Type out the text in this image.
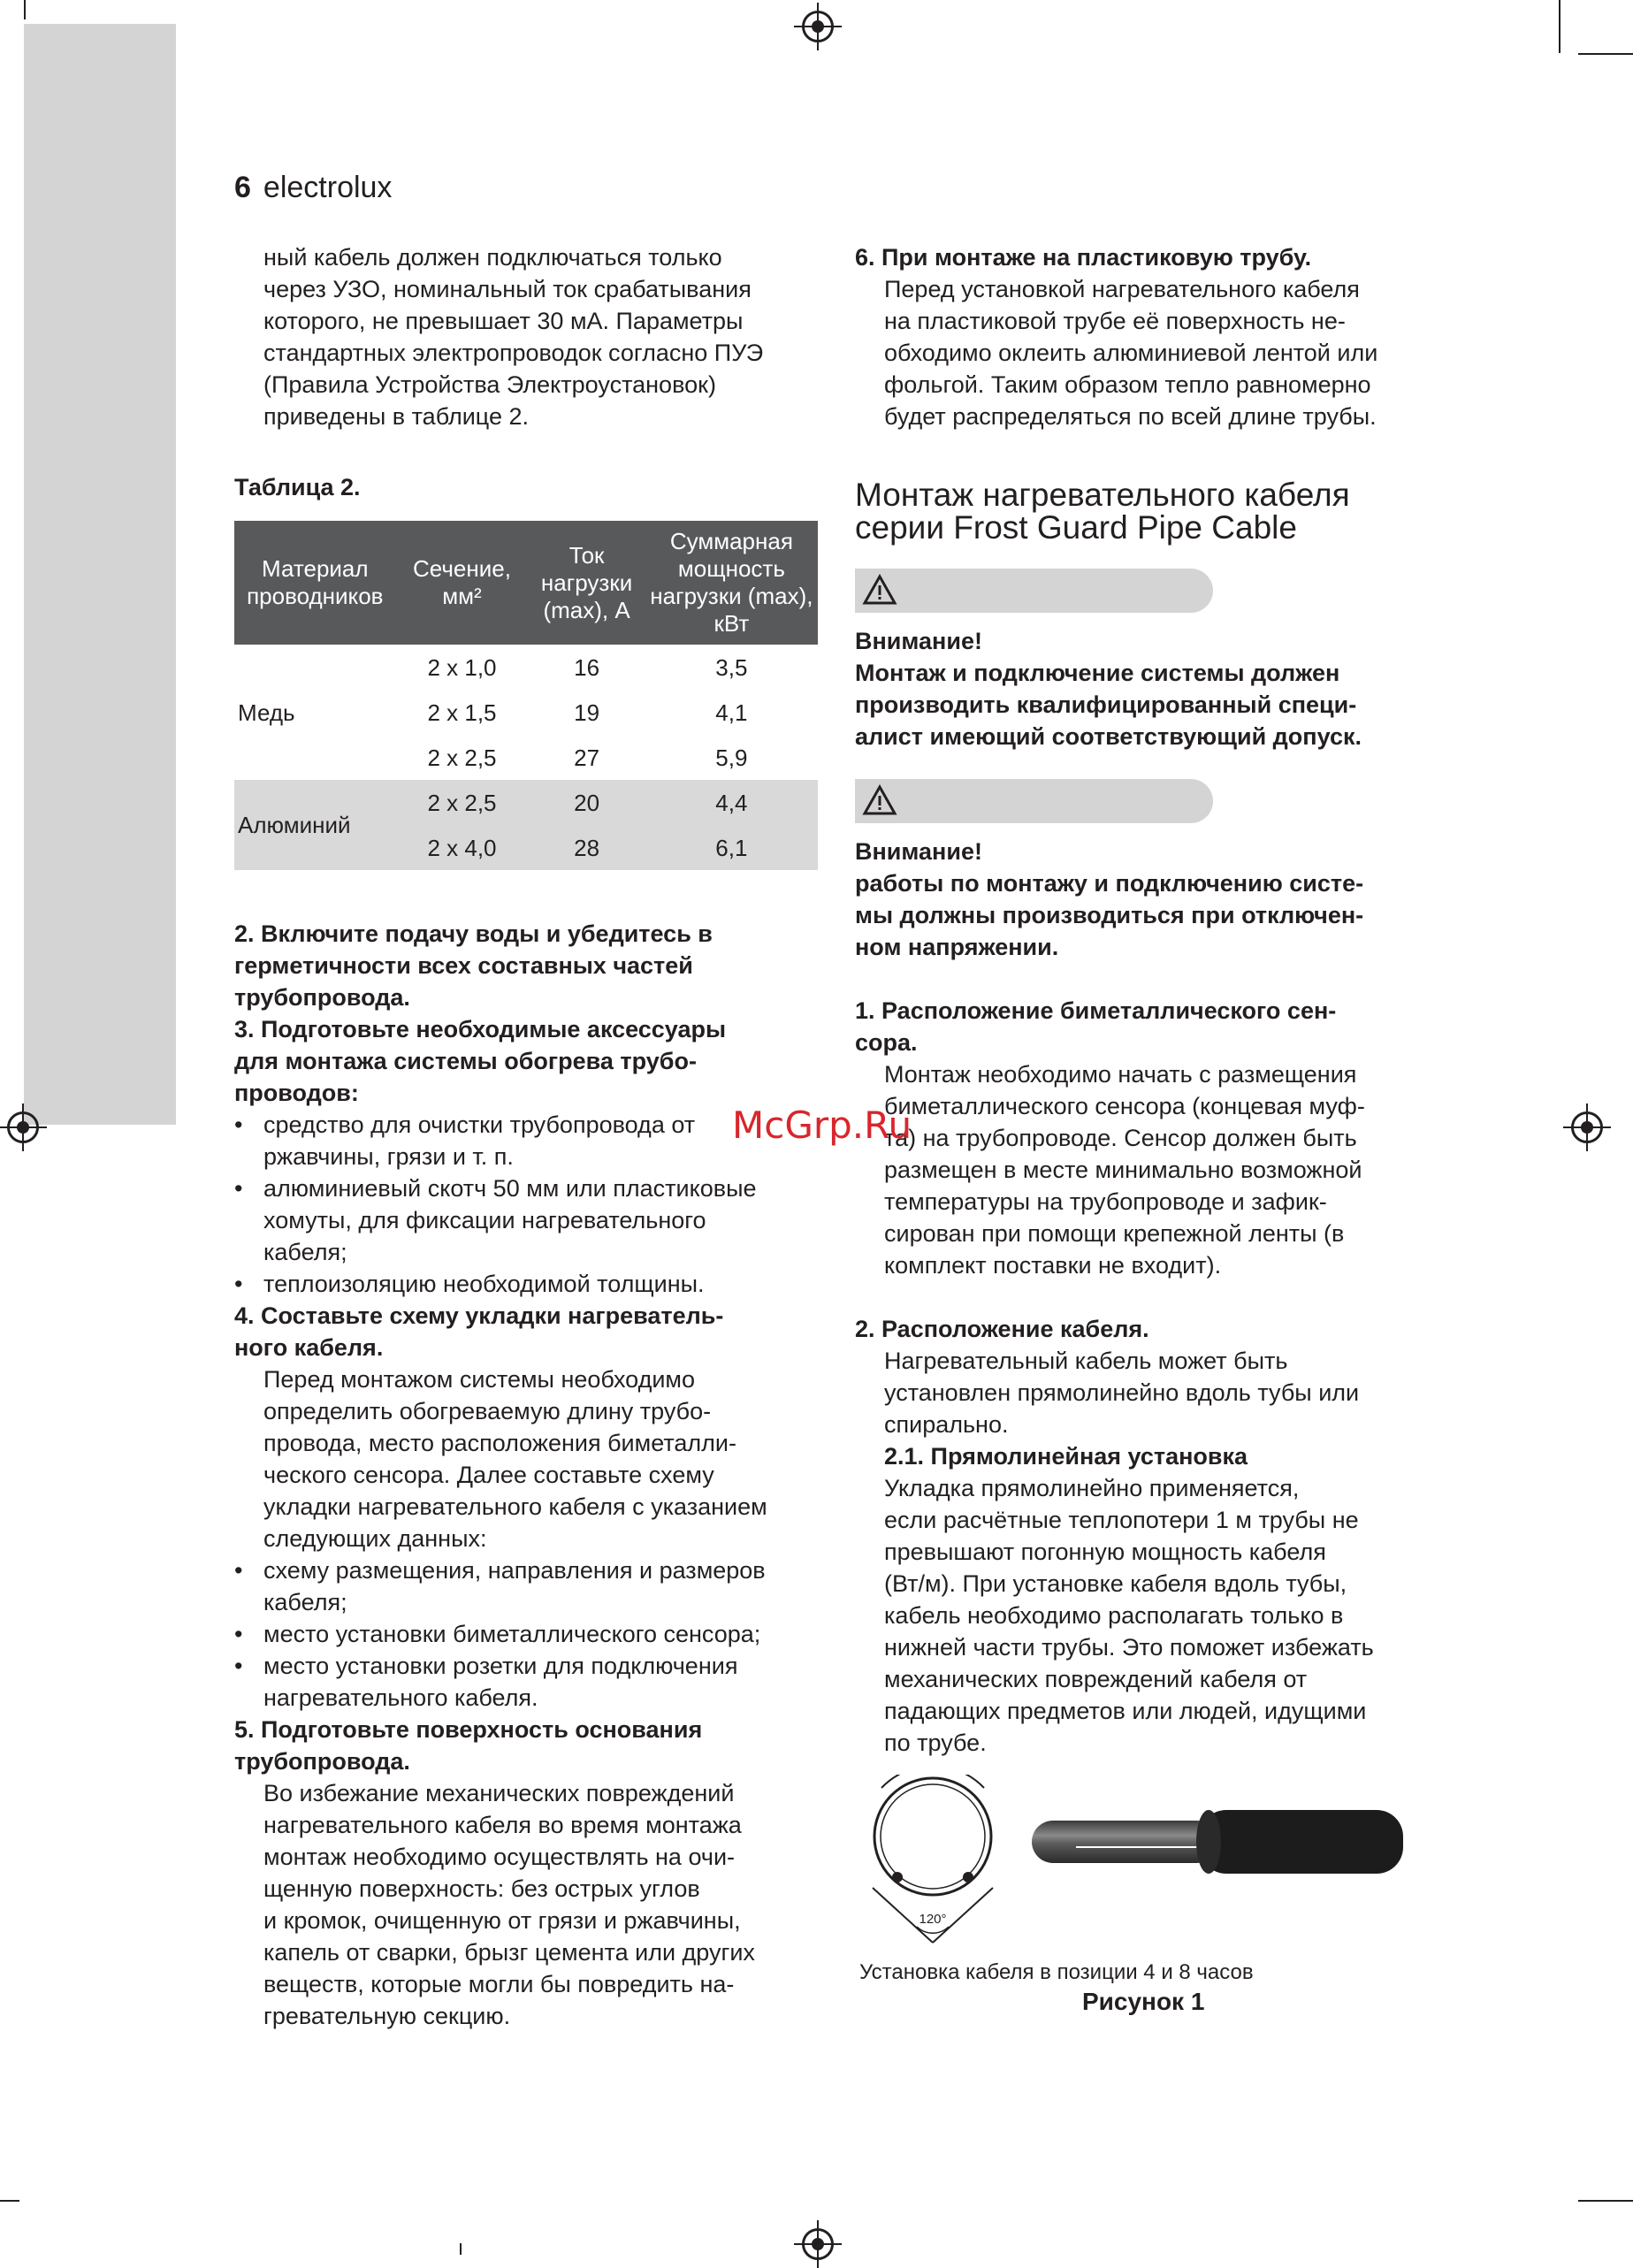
6 electrolux

ный кабель должен подключаться только

через УЗО, номинальный ток срабатывания

которого, не превышает 30 мА. Параметры

стандартных электропроводок согласно ПУЭ

(Правила Устройства Электроустановок)

приведены в таблице 2.

Таблица 2.

Материал проводников	Сечение, мм²	Ток нагрузки (max), А	Суммарная мощность нагрузки (max), кВт
Медь	2 х 1,0	16	3,5
	2 х 1,5	19	4,1
	2 х 2,5	27	5,9
Алюминий	2 х 2,5	20	4,4
	2 х 4,0	28	6,1

2. Включите подачу воды и убедитесь в

герметичности всех составных частей

трубопровода.

3. Подготовьте необходимые аксессуары

для монтажа системы обогрева трубо-

проводов:

• средство для очистки трубопровода от

ржавчины, грязи и т. п.

• алюминиевый скотч 50 мм или пластиковые

хомуты, для фиксации нагревательного

кабеля;

• теплоизоляцию необходимой толщины.

4. Составьте схему укладки нагреватель-

ного кабеля.

Перед монтажом системы необходимо

определить обогреваемую длину трубо-

провода, место расположения биметалли-

ческого сенсора. Далее составьте схему

укладки нагревательного кабеля с указанием

следующих данных:

• схему размещения, направления и размеров

кабеля;

• место установки биметаллического сенсора;

• место установки розетки для подключения

нагревательного кабеля.

5. Подготовьте поверхность основания

трубопровода.

Во избежание механических повреждений

нагревательного кабеля во время монтажа

монтаж необходимо осуществлять на очи-

щенную поверхность: без острых углов

и кромок, очищенную от грязи и ржавчины,

капель от сварки, брызг цемента или других

веществ, которые могли бы повредить на-

гревательную секцию.

6. При монтаже на пластиковую трубу.

Перед установкой нагревательного кабеля

на пластиковой трубе её поверхность не-

обходимо оклеить алюминиевой лентой или

фольгой. Таким образом тепло равномерно

будет распределяться по всей длине трубы.

Монтаж нагревательного кабеля
серии Frost Guard Pipe Cable

Внимание!

Монтаж и подключение системы должен

производить квалифицированный специ-

алист имеющий соответствующий допуск.

Внимание!

работы по монтажу и подключению систе-

мы должны производиться при отключен-

ном напряжении.

1. Расположение биметаллического сен-

сора.

Монтаж необходимо начать с размещения

биметаллического сенсора (концевая муф-

та) на трубопроводе. Сенсор должен быть

размещен в месте минимально возможной

температуры на трубопроводе и зафик-

сирован при помощи крепежной ленты (в

комплект поставки не входит).

2. Расположение кабеля.

Нагревательный кабель может быть

установлен прямолинейно вдоль тубы или

спирально.

2.1. Прямолинейная установка

Укладка прямолинейно применяется,

если расчётные теплопотери 1 м трубы не

превышают погонную мощность кабеля

(Вт/м). При установке кабеля вдоль тубы,

кабель необходимо располагать только в

нижней части трубы. Это поможет избежать

механических повреждений кабеля от

падающих предметов или людей, идущими

по трубе.

120°
Установка кабеля в позиции 4 и 8 часов
Рисунок 1
McGrp.Ru
